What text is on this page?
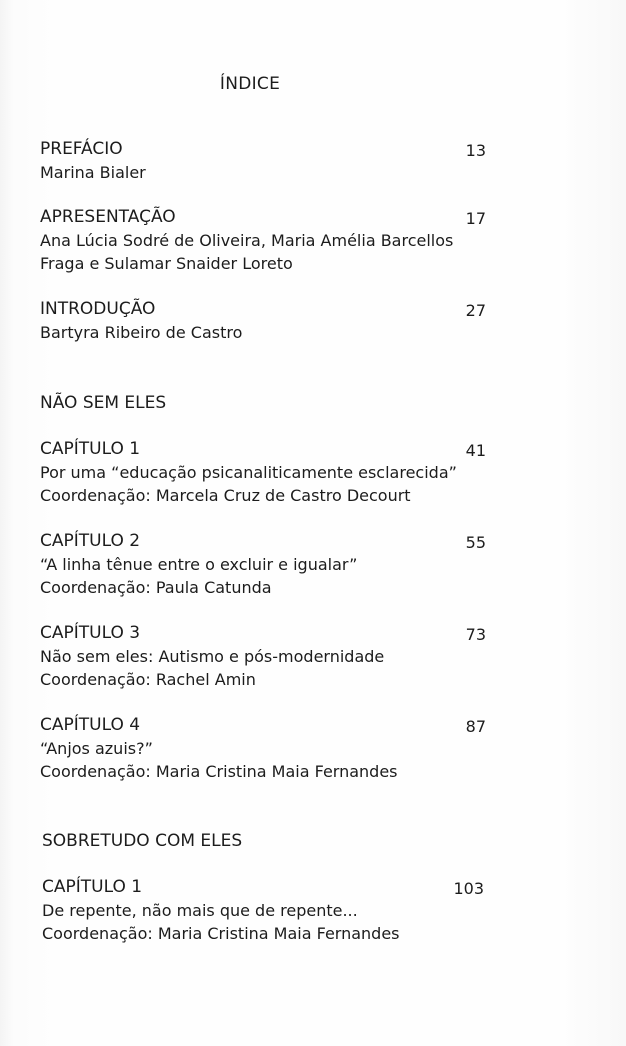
ÍNDICE
PREFÁCIO	13
Marina Bialer
APRESENTAÇÃO	17
Ana Lúcia Sodré de Oliveira, Maria Amélia Barcellos
Fraga e Sulamar Snaider Loreto
INTRODUÇÃO	27
Bartyra Ribeiro de Castro
NÃO SEM ELES
CAPÍTULO 1	41
Por uma “educação psicanaliticamente esclarecida”
Coordenação: Marcela Cruz de Castro Decourt
CAPÍTULO 2	55
“A linha tênue entre o excluir e igualar”
Coordenação: Paula Catunda
CAPÍTULO 3	73
Não sem eles: Autismo e pós-modernidade
Coordenação: Rachel Amin
CAPÍTULO 4	87
“Anjos azuis?”
Coordenação: Maria Cristina Maia Fernandes
SOBRETUDO COM ELES
CAPÍTULO 1	103
De repente, não mais que de repente...
Coordenação: Maria Cristina Maia Fernandes
